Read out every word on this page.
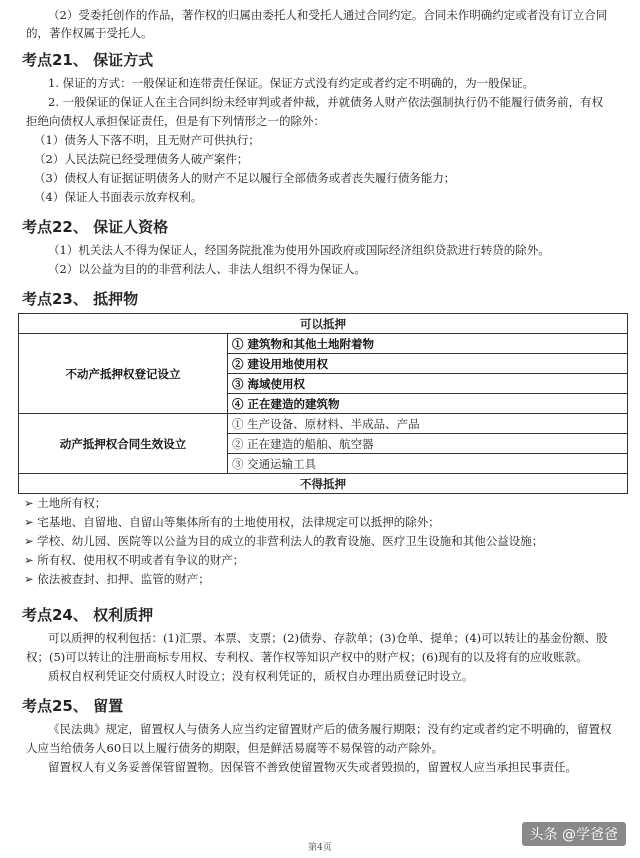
（2）受委托创作的作品，著作权的归属由委托人和受托人通过合同约定。合同未作明确约定或者没有订立合同的，著作权属于受托人。

考点21、 保证方式

1. 保证的方式：一般保证和连带责任保证。保证方式没有约定或者约定不明确的，为一般保证。

2. 一般保证的保证人在主合同纠纷未经审判或者仲裁，并就债务人财产依法强制执行仍不能履行债务前，有权拒绝向债权人承担保证责任，但是有下列情形之一的除外：

（1）债务人下落不明，且无财产可供执行；

（2）人民法院已经受理债务人破产案件；

（3）债权人有证据证明债务人的财产不足以履行全部债务或者丧失履行债务能力；

（4）保证人书面表示放弃权利。

考点22、 保证人资格

（1）机关法人不得为保证人，经国务院批准为使用外国政府或国际经济组织贷款进行转贷的除外。

（2）以公益为目的的非营利法人、非法人组织不得为保证人。

考点23、 抵押物
可以抵押	
不动产抵押权登记设立	① 建筑物和其他土地附着物
	② 建设用地使用权
	③ 海域使用权
	④ 正在建造的建筑物
动产抵押权合同生效设立	① 生产设备、原材料、半成品、产品
	② 正在建造的船舶、航空器
	③ 交通运输工具
不得抵押	
➢ 土地所有权；
➢ 宅基地、自留地、自留山等集体所有的土地使用权，法律规定可以抵押的除外；
➢ 学校、幼儿园、医院等以公益为目的成立的非营利法人的教育设施、医疗卫生设施和其他公益设施；
➢ 所有权、使用权不明或者有争议的财产；
➢ 依法被查封、扣押、监管的财产；
考点24、 权利质押

可以质押的权利包括：(1)汇票、本票、支票；(2)债券、存款单；(3)仓单、提单；(4)可以转让的基金份额、股权；(5)可以转让的注册商标专用权、专利权、著作权等知识产权中的财产权；(6)现有的以及将有的应收账款。

质权自权利凭证交付质权人时设立；没有权利凭证的，质权自办理出质登记时设立。

考点25、 留置

《民法典》规定，留置权人与债务人应当约定留置财产后的债务履行期限；没有约定或者约定不明确的，留置权人应当给债务人60日以上履行债务的期限，但是鲜活易腐等不易保管的动产除外。

留置权人有义务妥善保管留置物。因保管不善致使留置物灭失或者毁损的，留置权人应当承担民事责任。

第4页
头条 @学爸爸
